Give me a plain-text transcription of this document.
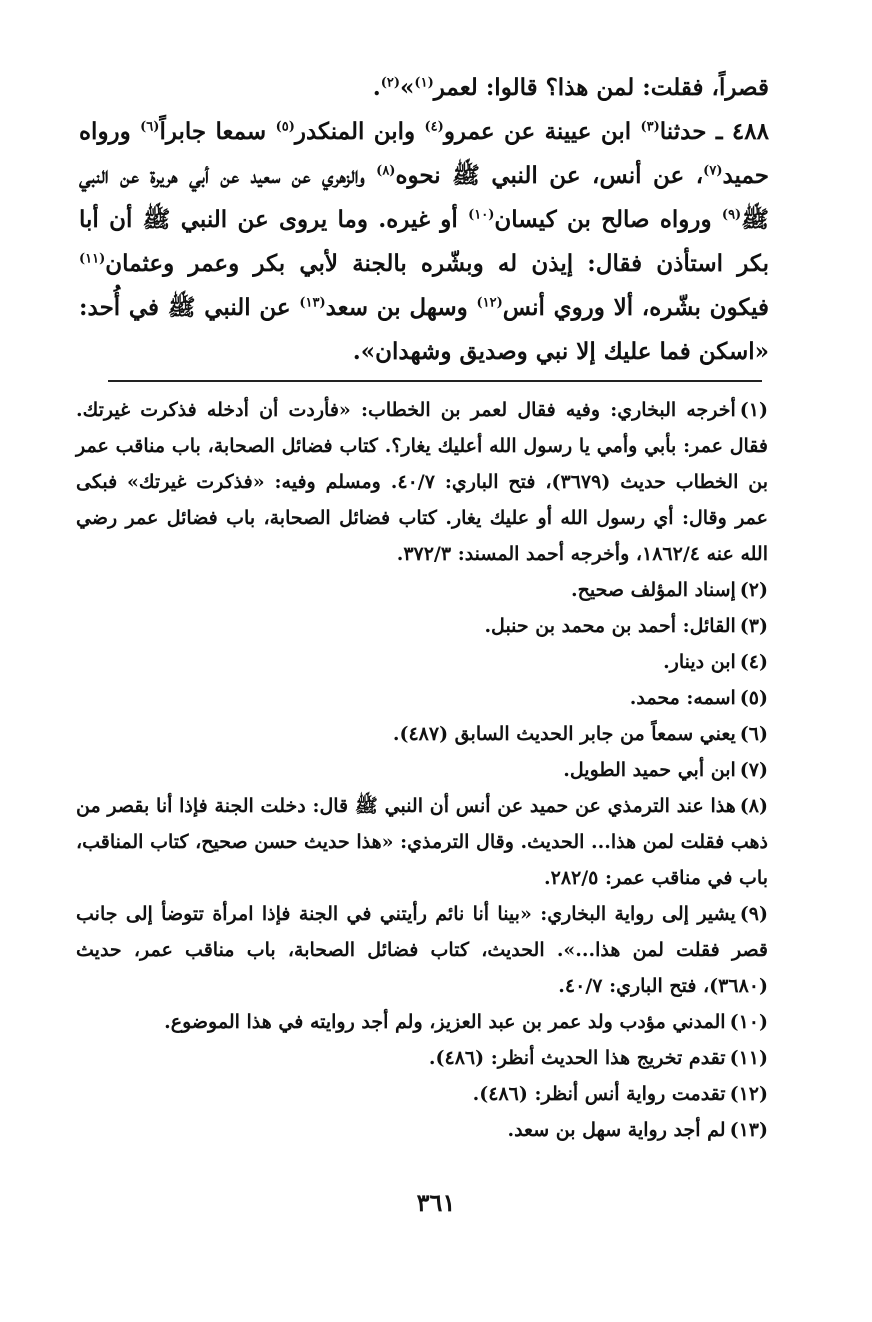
قصراً، فقلت: لمن هذا؟ قالوا: لعمر$^{(١)}$»$^{(٢)}$.

٤٨٨ ـ حدثنا$^{(٣)}$ ابن عيينة عن عمرو$^{(٤)}$ وابن المنكدر$^{(٥)}$ سمعا جابراً$^{(٦)}$ ورواه حميد$^{(٧)}$، عن أنس، عن النبي ﷺ نحوه$^{(٨)}$ والزهري عن سعيد عن أبي هريرة عن النبي ﷺ$^{(٩)}$ ورواه صالح بن كيسان$^{(١٠)}$ أو غيره. وما يروى عن النبي ﷺ أن أبا بكر استأذن فقال: إيذن له وبشّره بالجنة لأبي بكر وعمر وعثمان$^{(١١)}$ فيكون بشّره، ألا وروي أنس$^{(١٢)}$ وسهل بن سعد$^{(١٣)}$ عن النبي ﷺ في أُحد: «اسكن فما عليك إلا نبي وصديق وشهدان».

(١)أخرجه البخاري: وفيه فقال لعمر بن الخطاب: «فأردت أن أدخله فذكرت غيرتك. فقال عمر: بأبي وأمي يا رسول الله أعليك يغار؟. كتاب فضائل الصحابة، باب مناقب عمر بن الخطاب حديث (٣٦٧٩)، فتح الباري: ٤٠/٧. ومسلم وفيه: «فذكرت غيرتك» فبكى عمر وقال: أي رسول الله أو عليك يغار. كتاب فضائل الصحابة، باب فضائل عمر رضي الله عنه ١٨٦٢/٤، وأخرجه أحمد المسند: ٣٧٢/٣.

(٢)إسناد المؤلف صحيح.

(٣)القائل: أحمد بن محمد بن حنبل.

(٤)ابن دينار.

(٥)اسمه: محمد.

(٦)يعني سمعاً من جابر الحديث السابق (٤٨٧).

(٧)ابن أبي حميد الطويل.

(٨)هذا عند الترمذي عن حميد عن أنس أن النبي ﷺ قال: دخلت الجنة فإذا أنا بقصر من ذهب فقلت لمن هذا... الحديث. وقال الترمذي: «هذا حديث حسن صحيح، كتاب المناقب، باب في مناقب عمر: ٢٨٢/٥.

(٩)يشير إلى رواية البخاري: «بينا أنا نائم رأيتني في الجنة فإذا امرأة تتوضأ إلى جانب قصر فقلت لمن هذا...». الحديث، كتاب فضائل الصحابة، باب مناقب عمر، حديث (٣٦٨٠)، فتح الباري: ٤٠/٧.

(١٠)المدني مؤدب ولد عمر بن عبد العزيز، ولم أجد روايته في هذا الموضوع.

(١١)تقدم تخريج هذا الحديث أنظر: (٤٨٦).

(١٢)تقدمت رواية أنس أنظر: (٤٨٦).

(١٣)لم أجد رواية سهل بن سعد.

٣٦١
